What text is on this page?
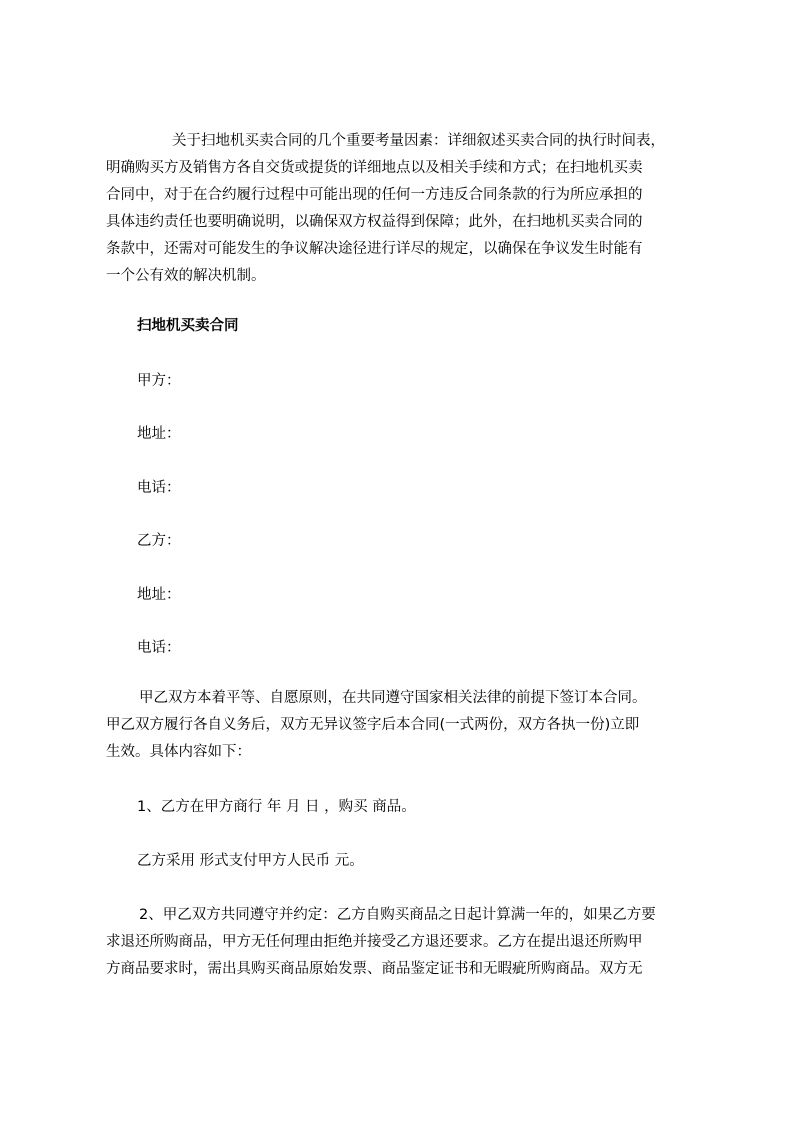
关于扫地机买卖合同的几个重要考量因素：详细叙述买卖合同的执行时间表，
明确购买方及销售方各自交货或提货的详细地点以及相关手续和方式；在扫地机买卖
合同中，对于在合约履行过程中可能出现的任何一方违反合同条款的行为所应承担的
具体违约责任也要明确说明，以确保双方权益得到保障；此外，在扫地机买卖合同的
条款中，还需对可能发生的争议解决途径进行详尽的规定，以确保在争议发生时能有
一个公有效的解决机制。
扫地机买卖合同
甲方：
地址：
电话：
乙方：
地址：
电话：
甲乙双方本着平等、自愿原则，在共同遵守国家相关法律的前提下签订本合同。
甲乙双方履行各自义务后，双方无异议签字后本合同(一式两份，双方各执一份)立即
生效。具体内容如下：
1、乙方在甲方商行 年 月 日 ，购买 商品。
乙方采用 形式支付甲方人民币 元。
2、甲乙双方共同遵守并约定：乙方自购买商品之日起计算满一年的，如果乙方要
求退还所购商品，甲方无任何理由拒绝并接受乙方退还要求。乙方在提出退还所购甲
方商品要求时，需出具购买商品原始发票、商品鉴定证书和无暇疵所购商品。双方无
